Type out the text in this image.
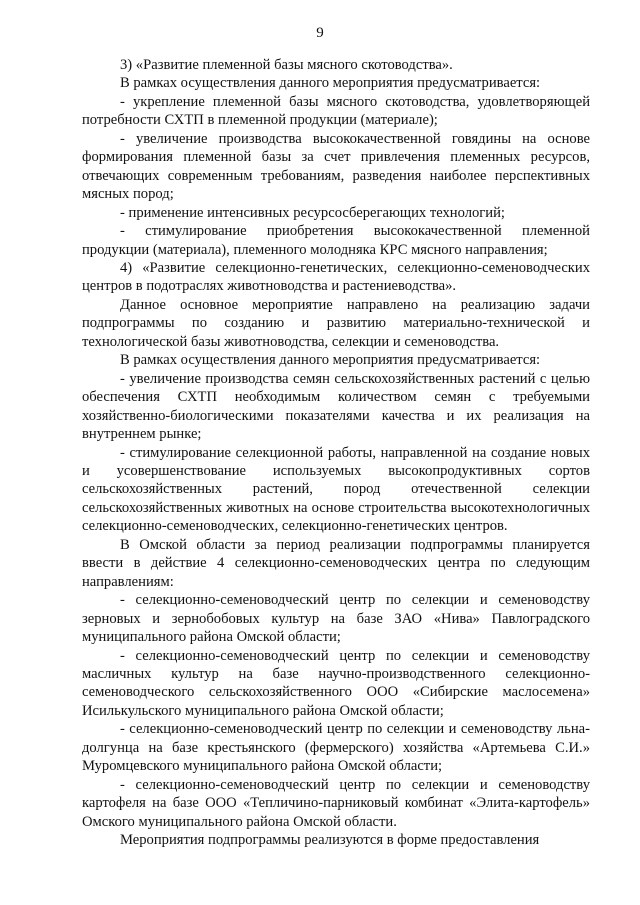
9

3) «Развитие племенной базы мясного скотоводства».

В рамках осуществления данного мероприятия предусматривается:

- укрепление племенной базы мясного скотоводства, удовлетворяющей потребности СХТП в племенной продукции (материале);

- увеличение производства высококачественной говядины на основе формирования племенной базы за счет привлечения племенных ресурсов, отвечающих современным требованиям, разведения наиболее перспективных мясных пород;

- применение интенсивных ресурсосберегающих технологий;

- стимулирование приобретения высококачественной племенной продукции (материала), племенного молодняка КРС мясного направления;

4) «Развитие селекционно-генетических, селекционно-семеноводческих центров в подотраслях животноводства и растениеводства».

Данное основное мероприятие направлено на реализацию задачи подпрограммы по созданию и развитию материально-технической и технологической базы животноводства, селекции и семеноводства.

В рамках осуществления данного мероприятия предусматривается:

- увеличение производства семян сельскохозяйственных растений с целью обеспечения СХТП необходимым количеством семян с требуемыми хозяйственно-биологическими показателями качества и их реализация на внутреннем рынке;

- стимулирование селекционной работы, направленной на создание новых и усовершенствование используемых высокопродуктивных сортов сельскохозяйственных растений, пород отечественной селекции сельскохозяйственных животных на основе строительства высокотехнологичных селекционно-семеноводческих, селекционно-генетических центров.

В Омской области за период реализации подпрограммы планируется ввести в действие 4 селекционно-семеноводческих центра по следующим направлениям:

- селекционно-семеноводческий центр по селекции и семеноводству зерновых и зернобобовых культур на базе ЗАО «Нива» Павлоградского муниципального района Омской области;

- селекционно-семеноводческий центр по селекции и семеноводству масличных культур на базе научно-производственного селекционно-семеноводческого сельскохозяйственного ООО «Сибирские маслосемена» Исилькульского муниципального района Омской области;

- селекционно-семеноводческий центр по селекции и семеноводству льна-долгунца на базе крестьянского (фермерского) хозяйства «Артемьева С.И.» Муромцевского муниципального района Омской области;

- селекционно-семеноводческий центр по селекции и семеноводству картофеля на базе ООО «Тепличино-парниковый комбинат «Элита-картофель» Омского муниципального района Омской области.

Мероприятия подпрограммы реализуются в форме предоставления
